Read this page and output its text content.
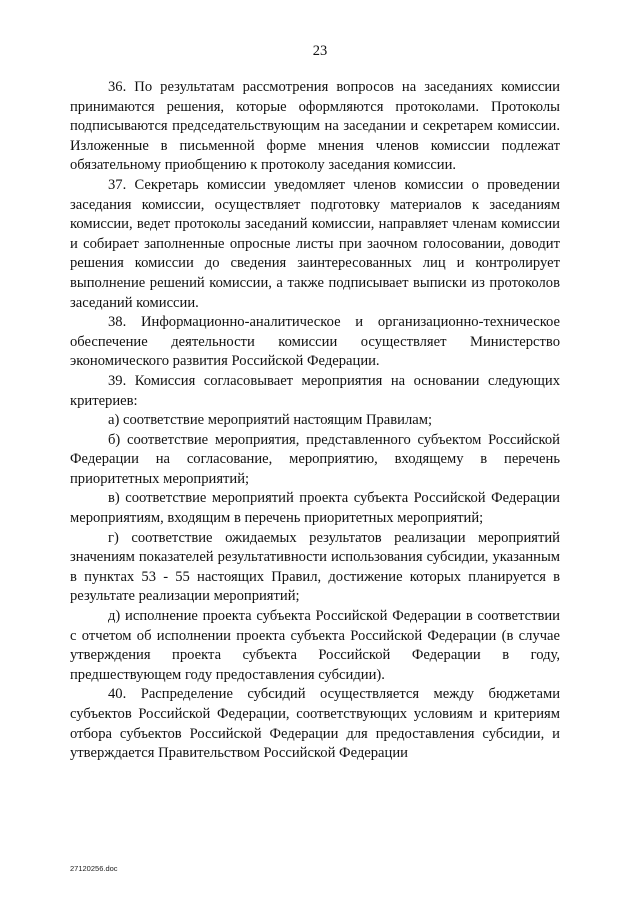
23

36. По результатам рассмотрения вопросов на заседаниях комиссии принимаются решения, которые оформляются протоколами. Протоколы подписываются председательствующим на заседании и секретарем комиссии. Изложенные в письменной форме мнения членов комиссии подлежат обязательному приобщению к протоколу заседания комиссии.

37. Секретарь комиссии уведомляет членов комиссии о проведении заседания комиссии, осуществляет подготовку материалов к заседаниям комиссии, ведет протоколы заседаний комиссии, направляет членам комиссии и собирает заполненные опросные листы при заочном голосовании, доводит решения комиссии до сведения заинтересованных лиц и контролирует выполнение решений комиссии, а также подписывает выписки из протоколов заседаний комиссии.

38. Информационно-аналитическое и организационно-техническое обеспечение деятельности комиссии осуществляет Министерство экономического развития Российской Федерации.

39. Комиссия согласовывает мероприятия на основании следующих критериев:

а) соответствие мероприятий настоящим Правилам;

б) соответствие мероприятия, представленного субъектом Российской Федерации на согласование, мероприятию, входящему в перечень приоритетных мероприятий;

в) соответствие мероприятий проекта субъекта Российской Федерации мероприятиям, входящим в перечень приоритетных мероприятий;

г) соответствие ожидаемых результатов реализации мероприятий значениям показателей результативности использования субсидии, указанным в пунктах 53 - 55 настоящих Правил, достижение которых планируется в результате реализации мероприятий;

д) исполнение проекта субъекта Российской Федерации в соответствии с отчетом об исполнении проекта субъекта Российской Федерации (в случае утверждения проекта субъекта Российской Федерации в году, предшествующем году предоставления субсидии).

40. Распределение субсидий осуществляется между бюджетами субъектов Российской Федерации, соответствующих условиям и критериям отбора субъектов Российской Федерации для предоставления субсидии, и утверждается Правительством Российской Федерации

27120256.doc
